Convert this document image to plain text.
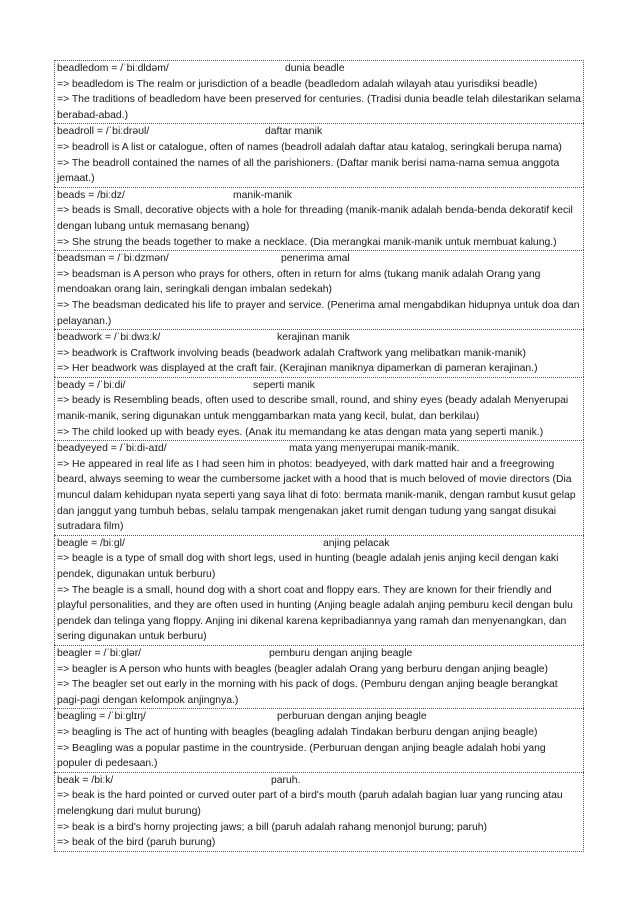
beadledom = /ˈbiːdldəm/	dunia beadle
=> beadledom is The realm or jurisdiction of a beadle (beadledom adalah wilayah atau yurisdiksi beadle)
=> The traditions of beadledom have been preserved for centuries. (Tradisi dunia beadle telah dilestarikan selama berabad-abad.)
beadroll = /ˈbiːdrəʊl/	daftar manik
=> beadroll is A list or catalogue, often of names (beadroll adalah daftar atau katalog, seringkali berupa nama)
=> The beadroll contained the names of all the parishioners. (Daftar manik berisi nama-nama semua anggota jemaat.)
beads = /biːdz/	manik-manik
=> beads is Small, decorative objects with a hole for threading (manik-manik adalah benda-benda dekoratif kecil dengan lubang untuk memasang benang)
=> She strung the beads together to make a necklace. (Dia merangkai manik-manik untuk membuat kalung.)
beadsman = /ˈbiːdzmən/	penerima amal
=> beadsman is A person who prays for others, often in return for alms (tukang manik adalah Orang yang mendoakan orang lain, seringkali dengan imbalan sedekah)
=> The beadsman dedicated his life to prayer and service. (Penerima amal mengabdikan hidupnya untuk doa dan pelayanan.)
beadwork = /ˈbiːdwɜːk/	kerajinan manik
=> beadwork is Craftwork involving beads (beadwork adalah Craftwork yang melibatkan manik-manik)
=> Her beadwork was displayed at the craft fair. (Kerajinan maniknya dipamerkan di pameran kerajinan.)
beady = /ˈbiːdi/	seperti manik
=> beady is Resembling beads, often used to describe small, round, and shiny eyes (beady adalah Menyerupai manik-manik, sering digunakan untuk menggambarkan mata yang kecil, bulat, dan berkilau)
=> The child looked up with beady eyes. (Anak itu memandang ke atas dengan mata yang seperti manik.)
beadyeyed = /ˈbiːdi-aɪd/	mata yang menyerupai manik-manik.
=> He appeared in real life as I had seen him in photos: beadyeyed, with dark matted hair and a freegrowing beard, always seeming to wear the cumbersome jacket with a hood that is much beloved of movie directors (Dia muncul dalam kehidupan nyata seperti yang saya lihat di foto: bermata manik-manik, dengan rambut kusut gelap dan janggut yang tumbuh bebas, selalu tampak mengenakan jaket rumit dengan tudung yang sangat disukai sutradara film)
beagle = /biːgl/	anjing pelacak
=> beagle is a type of small dog with short legs, used in hunting (beagle adalah jenis anjing kecil dengan kaki pendek, digunakan untuk berburu)
=> The beagle is a small, hound dog with a short coat and floppy ears. They are known for their friendly and playful personalities, and they are often used in hunting (Anjing beagle adalah anjing pemburu kecil dengan bulu pendek dan telinga yang floppy. Anjing ini dikenal karena kepribadiannya yang ramah dan menyenangkan, dan sering digunakan untuk berburu)
beagler = /ˈbiːglər/	pemburu dengan anjing beagle
=> beagler is A person who hunts with beagles (beagler adalah Orang yang berburu dengan anjing beagle)
=> The beagler set out early in the morning with his pack of dogs. (Pemburu dengan anjing beagle berangkat pagi-pagi dengan kelompok anjingnya.)
beagling = /ˈbiːglɪŋ/	perburuan dengan anjing beagle
=> beagling is The act of hunting with beagles (beagling adalah Tindakan berburu dengan anjing beagle)
=> Beagling was a popular pastime in the countryside. (Perburuan dengan anjing beagle adalah hobi yang populer di pedesaan.)
beak = /biːk/	paruh.
=> beak is the hard pointed or curved outer part of a bird's mouth (paruh adalah bagian luar yang runcing atau melengkung dari mulut burung)
=> beak is a bird's horny projecting jaws; a bill (paruh adalah rahang menonjol burung; paruh)
=> beak of the bird (paruh burung)
